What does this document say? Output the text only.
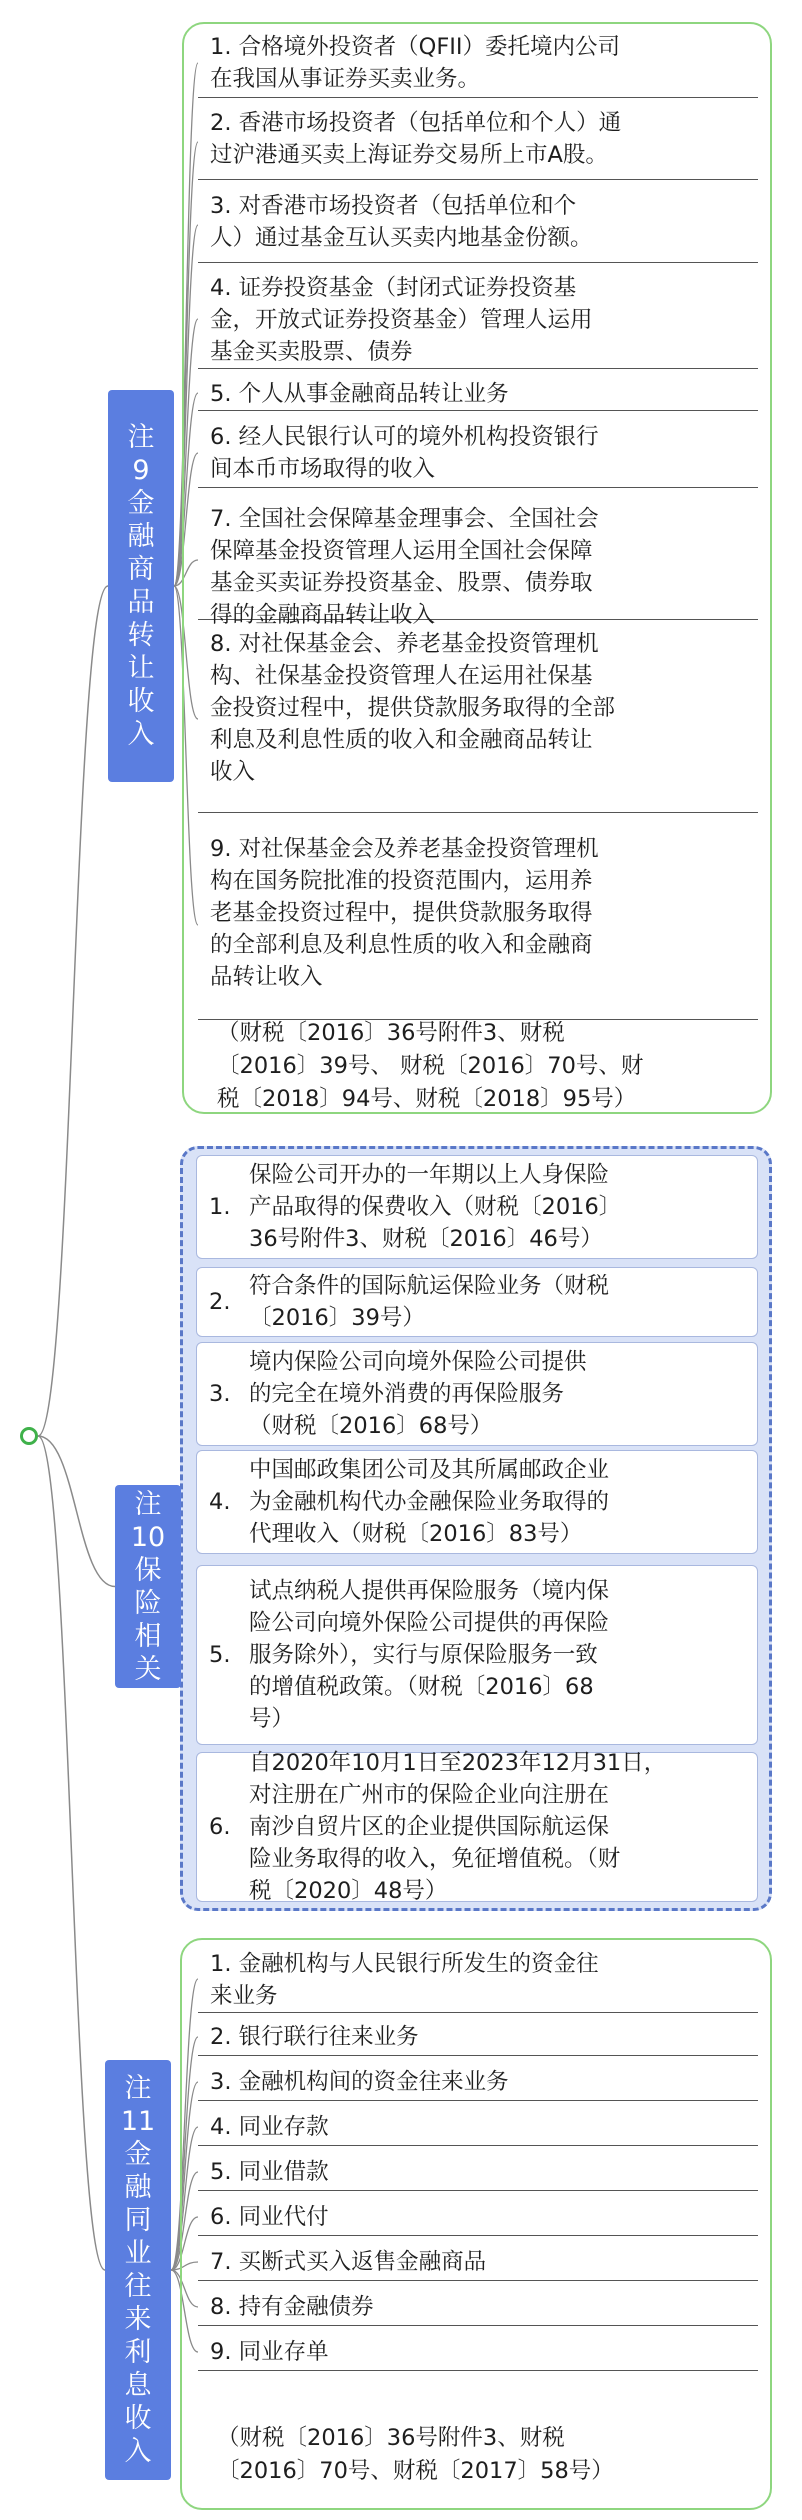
注
9
金
融
商
品
转
让
收
入
1. 合格境外投资者（QFII）委托境内公司
在我国从事证券买卖业务。
2. 香港市场投资者（包括单位和个人）通
过沪港通买卖上海证券交易所上市A股。
3. 对香港市场投资者（包括单位和个
人）通过基金互认买卖内地基金份额。
4. 证券投资基金（封闭式证券投资基
金，开放式证券投资基金）管理人运用
基金买卖股票、债券
5. 个人从事金融商品转让业务
6. 经人民银行认可的境外机构投资银行
间本币市场取得的收入
7. 全国社会保障基金理事会、全国社会
保障基金投资管理人运用全国社会保障
基金买卖证券投资基金、股票、债券取
得的金融商品转让收入
8. 对社保基金会、养老基金投资管理机
构、社保基金投资管理人在运用社保基
金投资过程中，提供贷款服务取得的全部
利息及利息性质的收入和金融商品转让
收入
9. 对社保基金会及养老基金投资管理机
构在国务院批准的投资范围内，运用养
老基金投资过程中，提供贷款服务取得
的全部利息及利息性质的收入和金融商
品转让收入
（财税〔2016〕36号附件3、财税
〔2016〕39号、 财税〔2016〕70号、财
税〔2018〕94号、财税〔2018〕95号）
注
10
保
险
相
关
1.
保险公司开办的一年期以上人身保险
产品取得的保费收入（财税〔2016〕
36号附件3、财税〔2016〕46号）
2.
符合条件的国际航运保险业务（财税
〔2016〕39号）
3.
境内保险公司向境外保险公司提供
的完全在境外消费的再保险服务
（财税〔2016〕68号）
4.
中国邮政集团公司及其所属邮政企业
为金融机构代办金融保险业务取得的
代理收入（财税〔2016〕83号）
5.
试点纳税人提供再保险服务（境内保
险公司向境外保险公司提供的再保险
服务除外），实行与原保险服务一致
的增值税政策。（财税〔2016〕68
号）
6.
自2020年10月1日至2023年12月31日，
对注册在广州市的保险企业向注册在
南沙自贸片区的企业提供国际航运保
险业务取得的收入，免征增值税。（财
税〔2020〕48号）
注
11
金
融
同
业
往
来
利
息
收
入
1. 金融机构与人民银行所发生的资金往
来业务
2. 银行联行往来业务
3. 金融机构间的资金往来业务
4. 同业存款
5. 同业借款
6. 同业代付
7. 买断式买入返售金融商品
8. 持有金融债券
9. 同业存单
（财税〔2016〕36号附件3、财税
〔2016〕70号、财税〔2017〕58号）
